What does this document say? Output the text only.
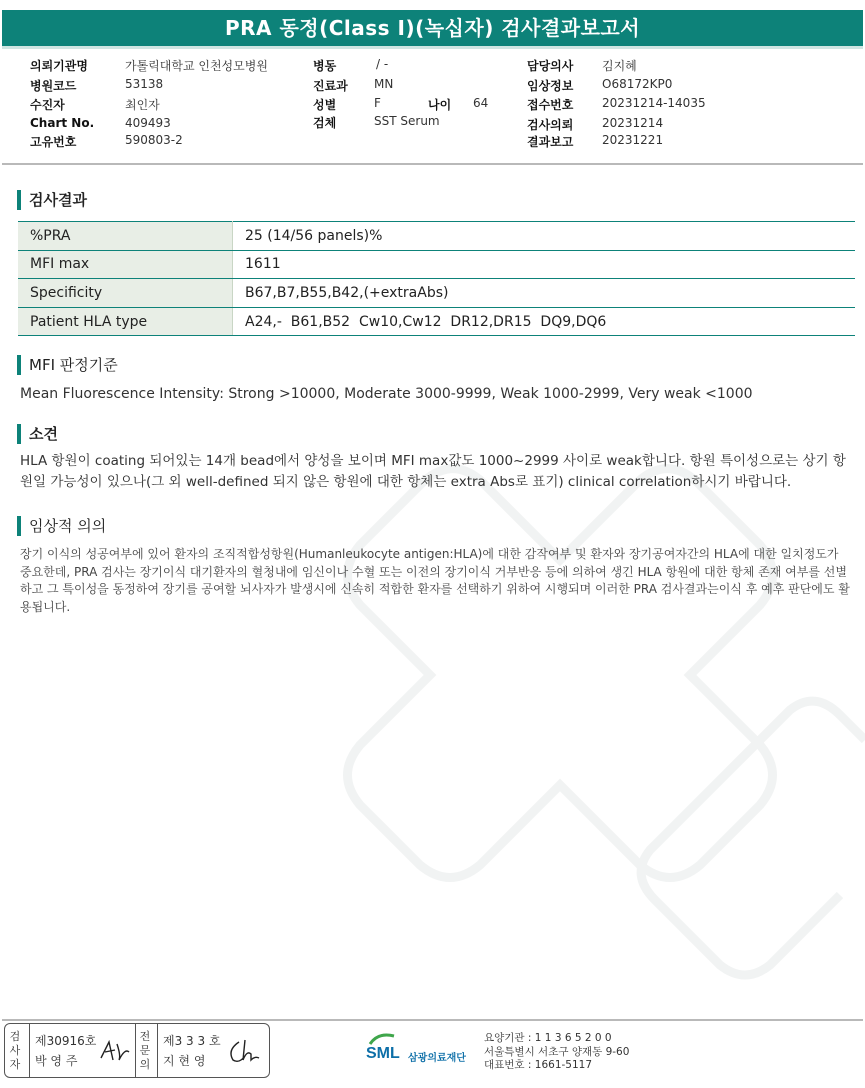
PRA 동정(Class I)(녹십자) 검사결과보고서
의뢰기관명	가톨릭대학교 인천성모병원
병원코드	53138
수진자	최인자
Chart No.	409493
고유번호	590803-2
병동	/ -
진료과 MN
성별	F	나이 64
검체	SST Serum
담당의사 김지혜
임상정보 O68172KP0
접수번호 20231214-14035
검사의뢰 20231214
결과보고 20231221
검사결과
%PRA	25 (14/56 panels)%
MFI max	1611
Specificity	B67,B7,B55,B42,(+extraAbs)
Patient HLA type	A24,-  B61,B52  Cw10,Cw12  DR12,DR15  DQ9,DQ6
MFI 판정기준
Mean Fluorescence Intensity: Strong >10000, Moderate 3000-9999, Weak 1000-2999, Very weak <1000
소견
HLA 항원이 coating 되어있는 14개 bead에서 양성을 보이며 MFI max값도 1000~2999 사이로 weak합니다. 항원 특이성으로는 상기 항원일 가능성이 있으나(그 외 well-defined 되지 않은 항원에 대한 항체는 extra Abs로 표기) clinical correlation하시기 바랍니다.
임상적 의의
장기 이식의 성공여부에 있어 환자의 조직적합성항원(Humanleukocyte antigen:HLA)에 대한 감작여부 및 환자와 장기공여자간의 HLA에 대한 일치정도가 중요한데, PRA 검사는 장기이식 대기환자의 혈청내에 임신이나 수혈 또는 이전의 장기이식 거부반응 등에 의하여 생긴 HLA 항원에 대한 항체 존재 여부를 선별하고 그 특이성을 동정하여 장기를 공여할 뇌사자가 발생시에 신속히 적합한 환자를 선택하기 위하여 시행되며 이러한 PRA 검사결과는이식 후 예후 판단에도 활용됩니다.
검
사
자
제30916호
박 영 주
전
문
의
제3 3 3 호
지 현 영	SML 삼광의료재단
요양기관 : 1 1 3 6 5 2 0 0
서울특별시 서초구 양재동 9-60
대표번호 : 1661-5117
